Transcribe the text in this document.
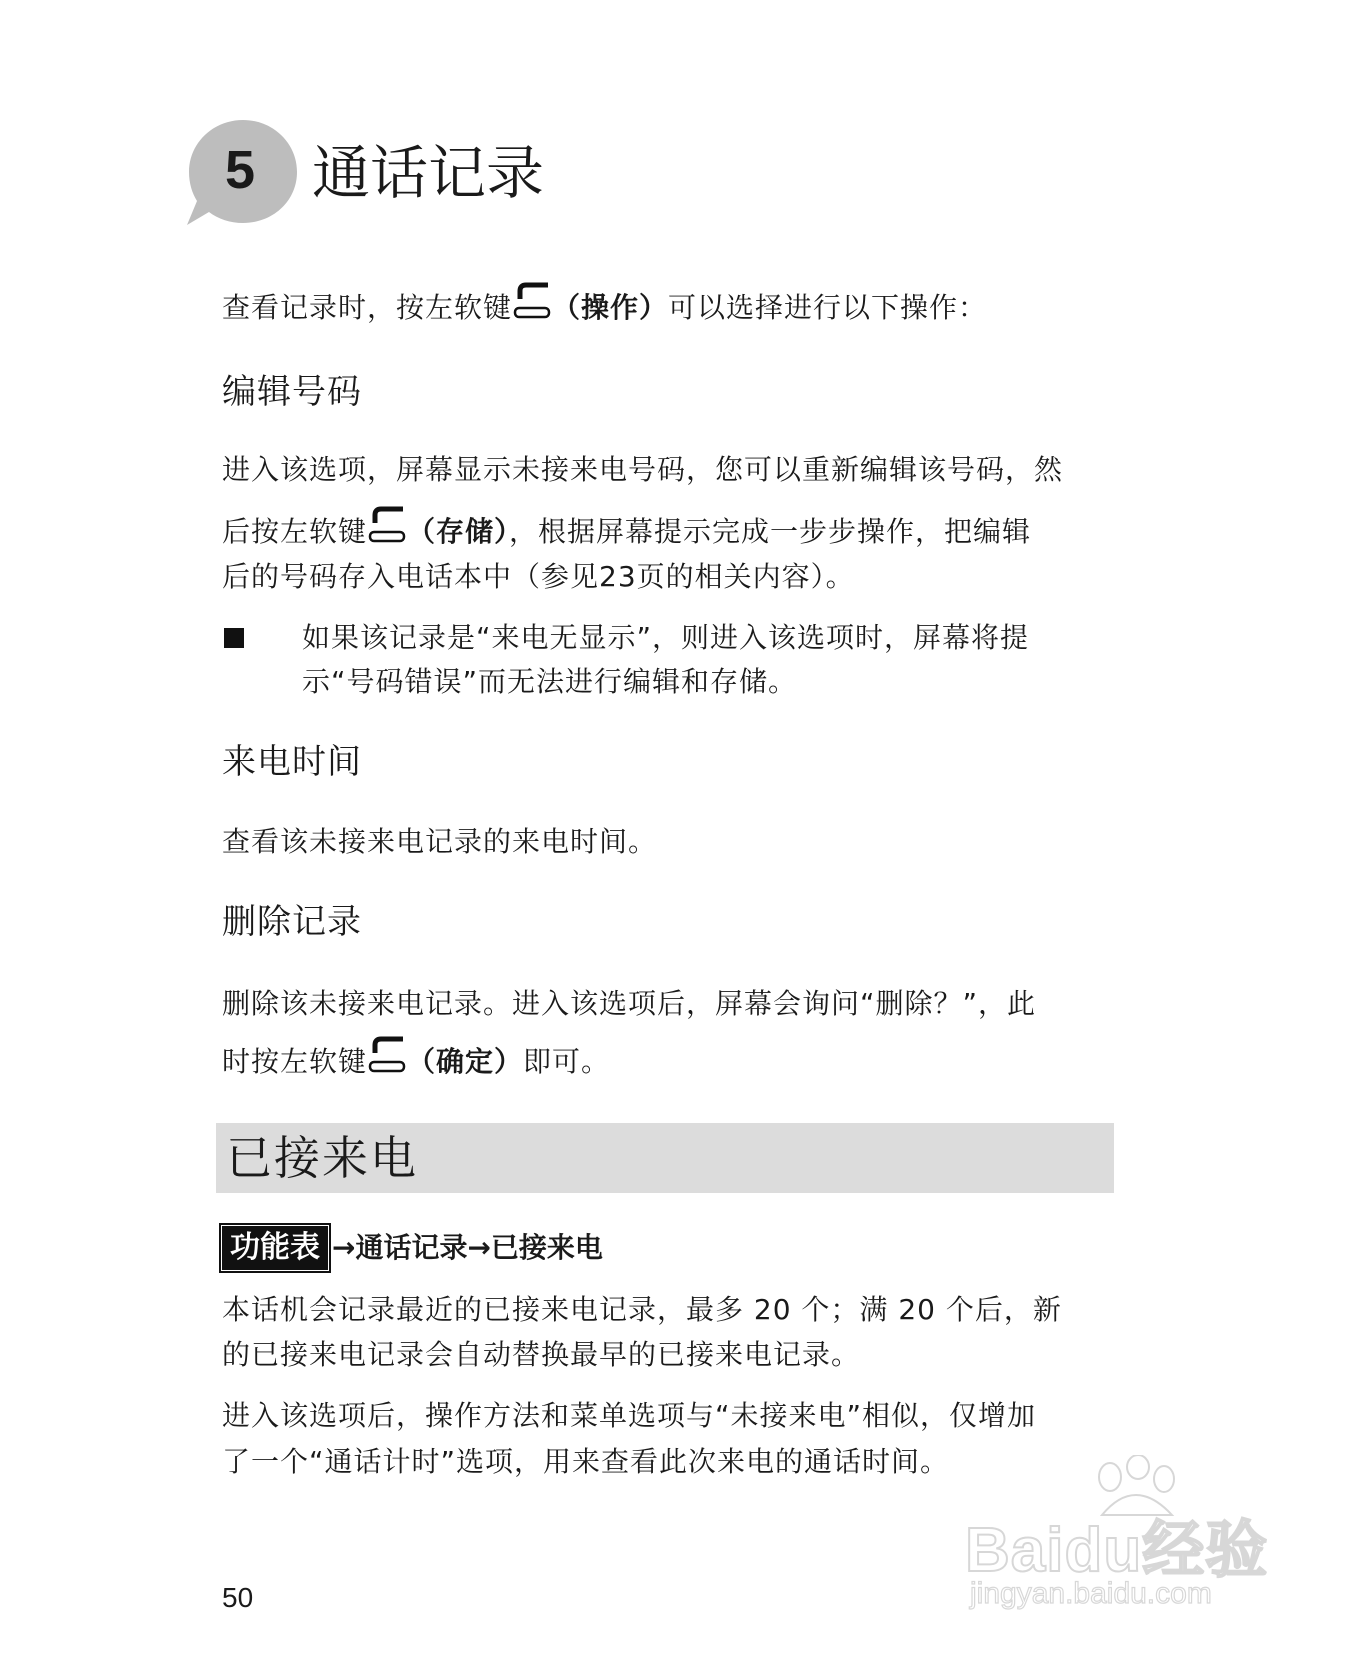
5 通话记录
查看记录时，按左软键 （操作）可以选择进行以下操作：
编辑号码
进入该选项，屏幕显示未接来电号码，您可以重新编辑该号码，然
后按左软键 （存储），根据屏幕提示完成一步步操作，把编辑
后的号码存入电话本中（参见23页的相关内容）。
如果该记录是“来电无显示”，则进入该选项时，屏幕将提
示“号码错误”而无法进行编辑和存储。
来电时间
查看该未接来电记录的来电时间。
删除记录
删除该未接来电记录。进入该选项后，屏幕会询问“删除？”，此
时按左软键 （确定）即可。
已接来电
功能表 →通话记录→已接来电
本话机会记录最近的已接来电记录，最多 20 个；满 20 个后，新
的已接来电记录会自动替换最早的已接来电记录。
进入该选项后，操作方法和菜单选项与“未接来电”相似，仅增加
了一个“通话计时”选项，用来查看此次来电的通话时间。
50
Baidu经验
jingyan.baidu.com
